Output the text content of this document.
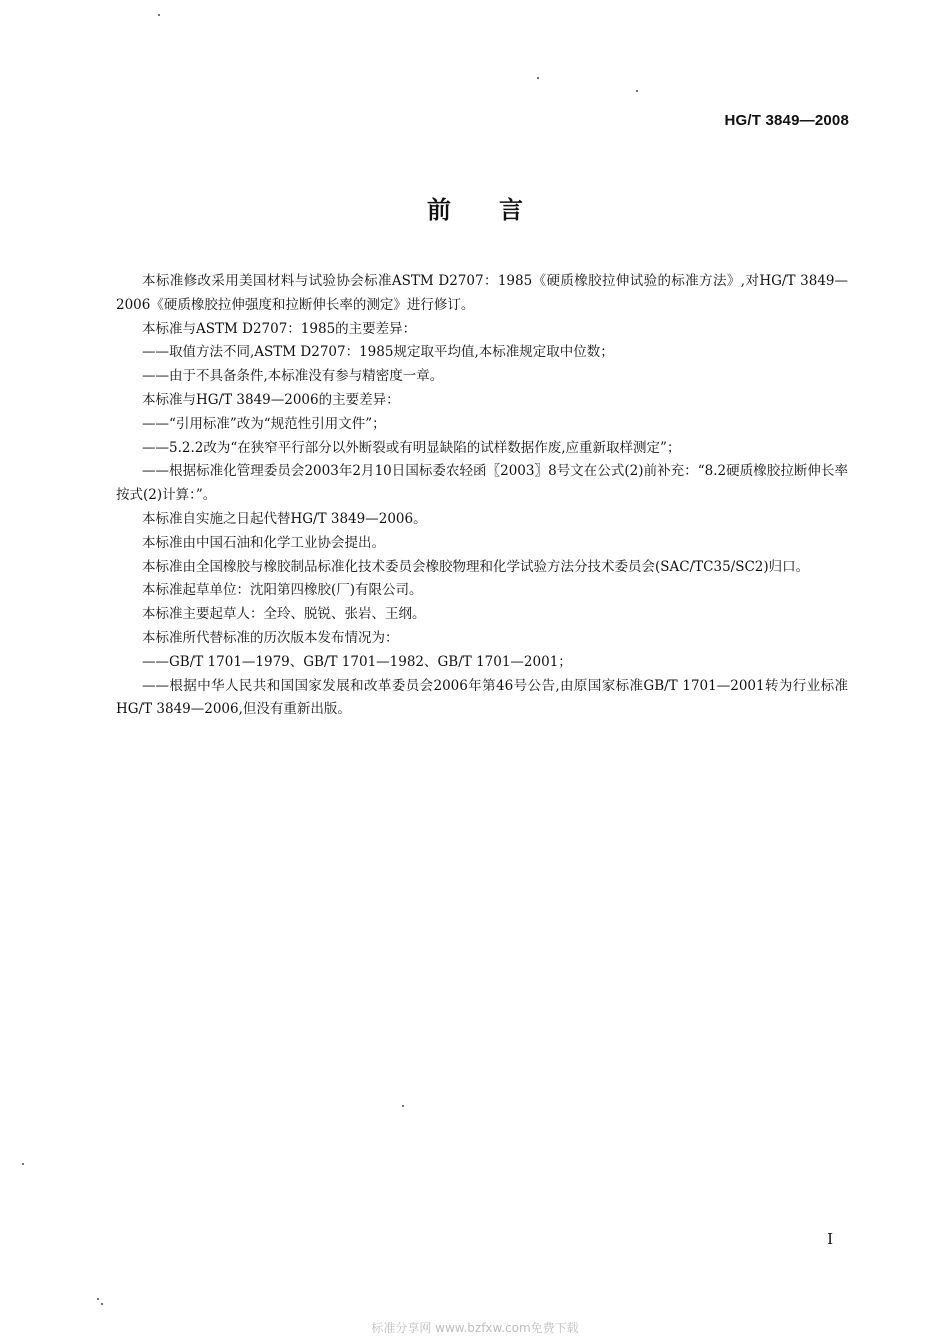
HG/T 3849—2008
前言

本标准修改采用美国材料与试验协会标准ASTM D2707：1985《硬质橡胶拉伸试验的标准方法》,对HG/T 3849—2006《硬质橡胶拉伸强度和拉断伸长率的测定》进行修订。

本标准与ASTM D2707：1985的主要差异：

——取值方法不同,ASTM D2707：1985规定取平均值,本标准规定取中位数；

——由于不具备条件,本标准没有参与精密度一章。

本标准与HG/T 3849—2006的主要差异：

——“引用标准”改为“规范性引用文件”；

——5.2.2改为“在狭窄平行部分以外断裂或有明显缺陷的试样数据作废,应重新取样测定”；

——根据标准化管理委员会2003年2月10日国标委农轻函〖2003〗8号文在公式(2)前补充：“8.2硬质橡胶拉断伸长率按式(2)计算：”。

本标准自实施之日起代替HG/T 3849—2006。

本标准由中国石油和化学工业协会提出。

本标准由全国橡胶与橡胶制品标准化技术委员会橡胶物理和化学试验方法分技术委员会(SAC/TC35/SC2)归口。

本标准起草单位：沈阳第四橡胶(厂)有限公司。

本标准主要起草人：全玲、脱锐、张岩、王纲。

本标准所代替标准的历次版本发布情况为：

——GB/T 1701—1979、GB/T 1701—1982、GB/T 1701—2001；

——根据中华人民共和国国家发展和改革委员会2006年第46号公告,由原国家标准GB/T 1701—2001转为行业标准HG/T 3849—2006,但没有重新出版。

I
标准分享网 www.bzfxw.com免费下载
